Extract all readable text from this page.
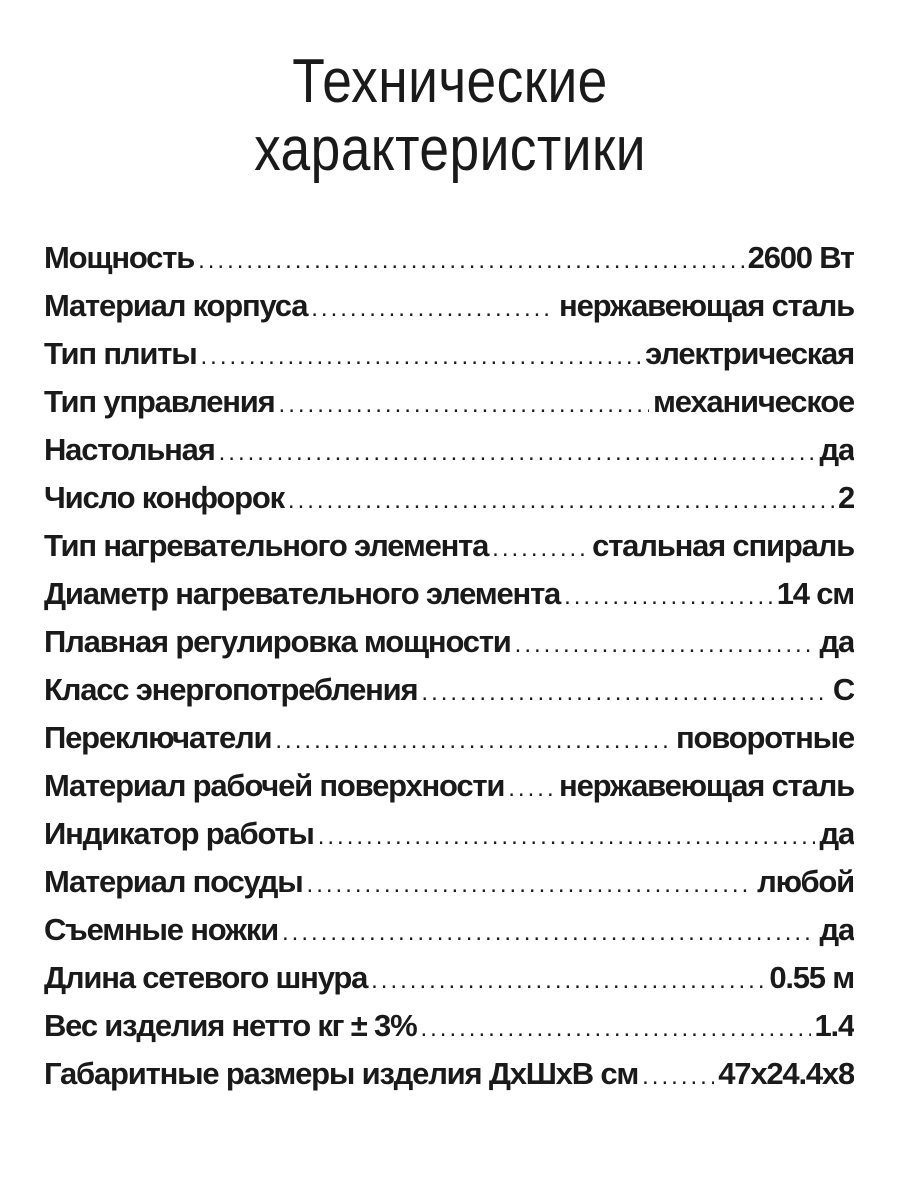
Технические
характеристики
Мощность .....	2600 Вт
Материал корпуса .....	нержавеющая сталь
Тип плиты .....	электрическая
Тип управления .....	механическое
Настольная .....	да
Число конфорок .....	2
Тип нагревательного элемента .....	стальная спираль
Диаметр нагревательного элемента .....	14 см
Плавная регулировка мощности .....	да
Класс энергопотребления .....	С
Переключатели .....	поворотные
Материал рабочей поверхности ..... нержавеющая сталь
Индикатор работы .....	да
Материал посуды .....	любой
Съемные ножки .....	да
Длина сетевого шнура .....	0.55 м
Вес изделия нетто кг ± 3% .....	1.4
Габаритные размеры изделия ДхШхВ см .....	47х24.4х8
